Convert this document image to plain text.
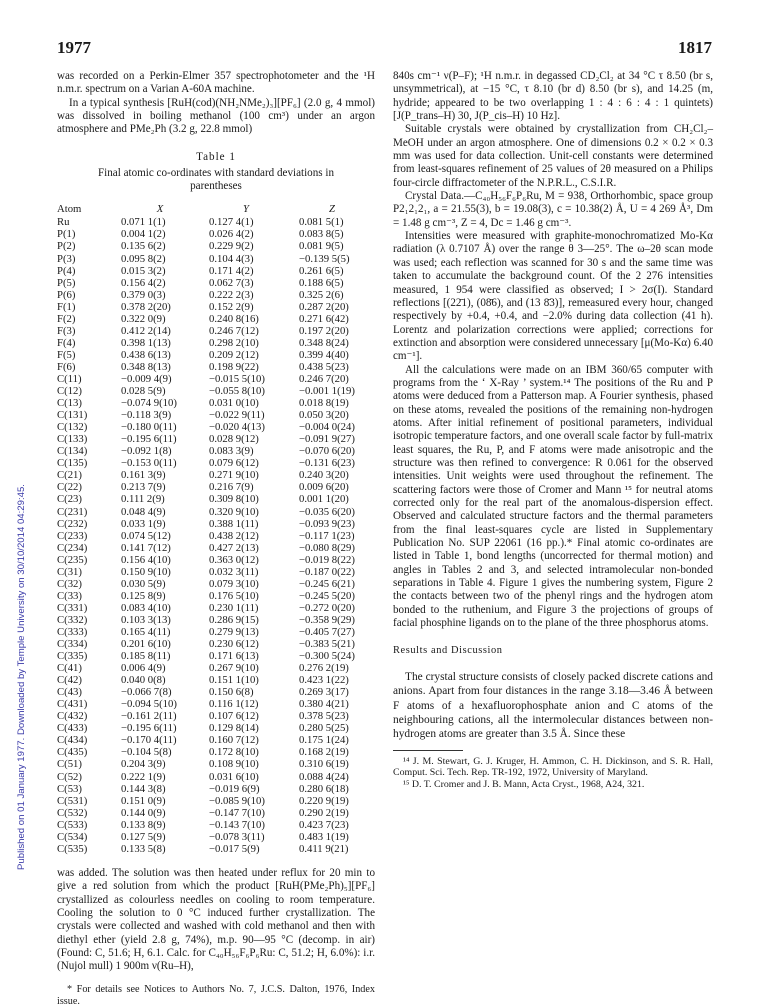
1977	1817
Published on 01 January 1977. Downloaded by Temple University on 30/10/2014 04:29:45.

was recorded on a Perkin-Elmer 357 spectrophotometer and the ¹H n.m.r. spectrum on a Varian A-60A machine.

In a typical synthesis [RuH(cod)(NH₂NMe₂)₃][PF₆] (2.0 g, 4 mmol) was dissolved in boiling methanol (100 cm³) under an argon atmosphere and PMe₂Ph (3.2 g, 22.8 mmol)

Table 1
Final atomic co-ordinates with standard deviations in parentheses
Atom	X	Y	Z
Ru	0.071 1(1)	0.127 4(1)	0.081 5(1)
P(1)	0.004 1(2)	0.026 4(2)	0.083 8(5)
P(2)	0.135 6(2)	0.229 9(2)	0.081 9(5)
P(3)	0.095 8(2)	0.104 4(3)	−0.139 5(5)
P(4)	0.015 3(2)	0.171 4(2)	0.261 6(5)
P(5)	0.156 4(2)	0.062 7(3)	0.188 6(5)
P(6)	0.379 0(3)	0.222 2(3)	0.325 2(6)
F(1)	0.378 2(20)	0.152 2(9)	0.287 2(20)
F(2)	0.322 0(9)	0.240 8(16)	0.271 6(42)
F(3)	0.412 2(14)	0.246 7(12)	0.197 2(20)
F(4)	0.398 1(13)	0.298 2(10)	0.348 8(24)
F(5)	0.438 6(13)	0.209 2(12)	0.399 4(40)
F(6)	0.348 8(13)	0.198 9(22)	0.438 5(23)
C(11)	−0.009 4(9)	−0.015 5(10)	0.246 7(20)
C(12)	0.028 5(9)	−0.055 8(10)	−0.001 1(19)
C(13)	−0.074 9(10)	0.031 0(10)	0.018 8(19)
C(131)	−0.118 3(9)	−0.022 9(11)	0.050 3(20)
C(132)	−0.180 0(11)	−0.020 4(13)	−0.004 0(24)
C(133)	−0.195 6(11)	0.028 9(12)	−0.091 9(27)
C(134)	−0.092 1(8)	0.083 3(9)	−0.070 6(20)
C(135)	−0.153 0(11)	0.079 6(12)	−0.131 6(23)
C(21)	0.161 3(9)	0.271 9(10)	0.240 3(20)
C(22)	0.213 7(9)	0.216 7(9)	0.009 6(20)
C(23)	0.111 2(9)	0.309 8(10)	0.001 1(20)
C(231)	0.048 4(9)	0.320 9(10)	−0.035 6(20)
C(232)	0.033 1(9)	0.388 1(11)	−0.093 9(23)
C(233)	0.074 5(12)	0.438 2(12)	−0.117 1(23)
C(234)	0.141 7(12)	0.427 2(13)	−0.080 8(29)
C(235)	0.156 4(10)	0.363 0(12)	−0.019 8(22)
C(31)	0.150 9(10)	0.032 3(11)	−0.187 0(22)
C(32)	0.030 5(9)	0.079 3(10)	−0.245 6(21)
C(33)	0.125 8(9)	0.176 5(10)	−0.245 5(20)
C(331)	0.083 4(10)	0.230 1(11)	−0.272 0(20)
C(332)	0.103 3(13)	0.286 9(15)	−0.358 9(29)
C(333)	0.165 4(11)	0.279 9(13)	−0.405 7(27)
C(334)	0.201 6(10)	0.230 6(12)	−0.383 5(21)
C(335)	0.185 8(11)	0.171 6(13)	−0.300 5(24)
C(41)	0.006 4(9)	0.267 9(10)	0.276 2(19)
C(42)	0.040 0(8)	0.151 1(10)	0.423 1(22)
C(43)	−0.066 7(8)	0.150 6(8)	0.269 3(17)
C(431)	−0.094 5(10)	0.116 1(12)	0.380 4(21)
C(432)	−0.161 2(11)	0.107 6(12)	0.378 5(23)
C(433)	−0.195 6(11)	0.129 8(14)	0.280 5(25)
C(434)	−0.170 4(11)	0.160 7(12)	0.175 1(24)
C(435)	−0.104 5(8)	0.172 8(10)	0.168 2(19)
C(51)	0.204 3(9)	0.108 9(10)	0.310 6(19)
C(52)	0.222 1(9)	0.031 6(10)	0.088 4(24)
C(53)	0.144 3(8)	−0.019 6(9)	0.280 6(18)
C(531)	0.151 0(9)	−0.085 9(10)	0.220 9(19)
C(532)	0.144 0(9)	−0.147 7(10)	0.290 2(19)
C(533)	0.133 8(9)	−0.143 7(10)	0.423 7(23)
C(534)	0.127 5(9)	−0.078 3(11)	0.483 1(19)
C(535)	0.133 5(8)	−0.017 5(9)	0.411 9(21)

was added. The solution was then heated under reflux for 20 min to give a red solution from which the product [RuH(PMe₂Ph)₅][PF₆] crystallized as colourless needles on cooling to room temperature. Cooling the solution to 0 °C induced further crystallization. The crystals were collected and washed with cold methanol and then with diethyl ether (yield 2.8 g, 74%), m.p. 90—95 °C (decomp. in air) (Found: C, 51.6; H, 6.1. Calc. for C₄₀H₅₆F₆P₆Ru: C, 51.2; H, 6.0%): i.r. (Nujol mull) 1 900m ν(Ru–H),

* For details see Notices to Authors No. 7, J.C.S. Dalton, 1976, Index issue.

840s cm⁻¹ ν(P–F); ¹H n.m.r. in degassed CD₂Cl₂ at 34 °C τ 8.50 (br s, unsymmetrical), at −15 °C, τ 8.10 (br d) 8.50 (br s), and 14.25 (m, hydride; appeared to be two overlapping 1 : 4 : 6 : 4 : 1 quintets) [J(P_trans–H) 30, J(P_cis–H) 10 Hz].

Suitable crystals were obtained by crystallization from CH₂Cl₂–MeOH under an argon atmosphere. One of dimensions 0.2 × 0.2 × 0.3 mm was used for data collection. Unit-cell constants were determined from least-squares refinement of 25 values of 2θ measured on a Philips four-circle diffractometer of the N.P.R.L., C.S.I.R.

Crystal Data.—C₄₀H₅₆F₆P₆Ru, M = 938, Orthorhombic, space group P2₁2₁2₁, a = 21.55(3), b = 19.08(3), c = 10.38(2) Å, U = 4 269 Å³, Dm = 1.48 g cm⁻³, Z = 4, Dc = 1.46 g cm⁻³.

Intensities were measured with graphite-monochromatized Mo-Kα radiation (λ 0.7107 Å) over the range θ 3—25°. The ω–2θ scan mode was used; each reflection was scanned for 30 s and the same time was taken to accumulate the background count. Of the 2 276 intensities measured, 1 954 were classified as observed; I > 2σ(I). Standard reflections [(22̄1), (08̄6), and (13 8̄3)], remeasured every hour, changed respectively by +0.4, +0.4, and −2.0% during data collection (41 h). Lorentz and polarization corrections were applied; corrections for extinction and absorption were considered unnecessary [μ(Mo-Kα) 6.40 cm⁻¹].

All the calculations were made on an IBM 360/65 computer with programs from the ‘ X-Ray ’ system.¹⁴ The positions of the Ru and P atoms were deduced from a Patterson map. A Fourier synthesis, phased on these atoms, revealed the positions of the remaining non-hydrogen atoms. After initial refinement of positional parameters, individual isotropic temperature factors, and one overall scale factor by full-matrix least squares, the Ru, P, and F atoms were made anisotropic and the structure was then refined to convergence: R 0.061 for the observed intensities. Unit weights were used throughout the refinement. The scattering factors were those of Cromer and Mann ¹⁵ for neutral atoms corrected only for the real part of the anomalous-dispersion effect. Observed and calculated structure factors and the thermal parameters from the final least-squares cycle are listed in Supplementary Publication No. SUP 22061 (16 pp.).* Final atomic co-ordinates are listed in Table 1, bond lengths (uncorrected for thermal motion) and angles in Tables 2 and 3, and selected intramolecular non-bonded separations in Table 4. Figure 1 gives the numbering system, Figure 2 the contacts between two of the phenyl rings and the hydrogen atom bonded to the ruthenium, and Figure 3 the projections of groups of facial phosphine ligands on to the plane of the three phosphorus atoms.

Results and Discussion

The crystal structure consists of closely packed discrete cations and anions. Apart from four distances in the range 3.18—3.46 Å between F atoms of a hexafluorophosphate anion and C atoms of the neighbouring cations, all the intermolecular distances between non-hydrogen atoms are greater than 3.5 Å. Since these

¹⁴ J. M. Stewart, G. J. Kruger, H. Ammon, C. H. Dickinson, and S. R. Hall, Comput. Sci. Tech. Rep. TR-192, 1972, University of Maryland.

¹⁵ D. T. Cromer and J. B. Mann, Acta Cryst., 1968, A24, 321.
